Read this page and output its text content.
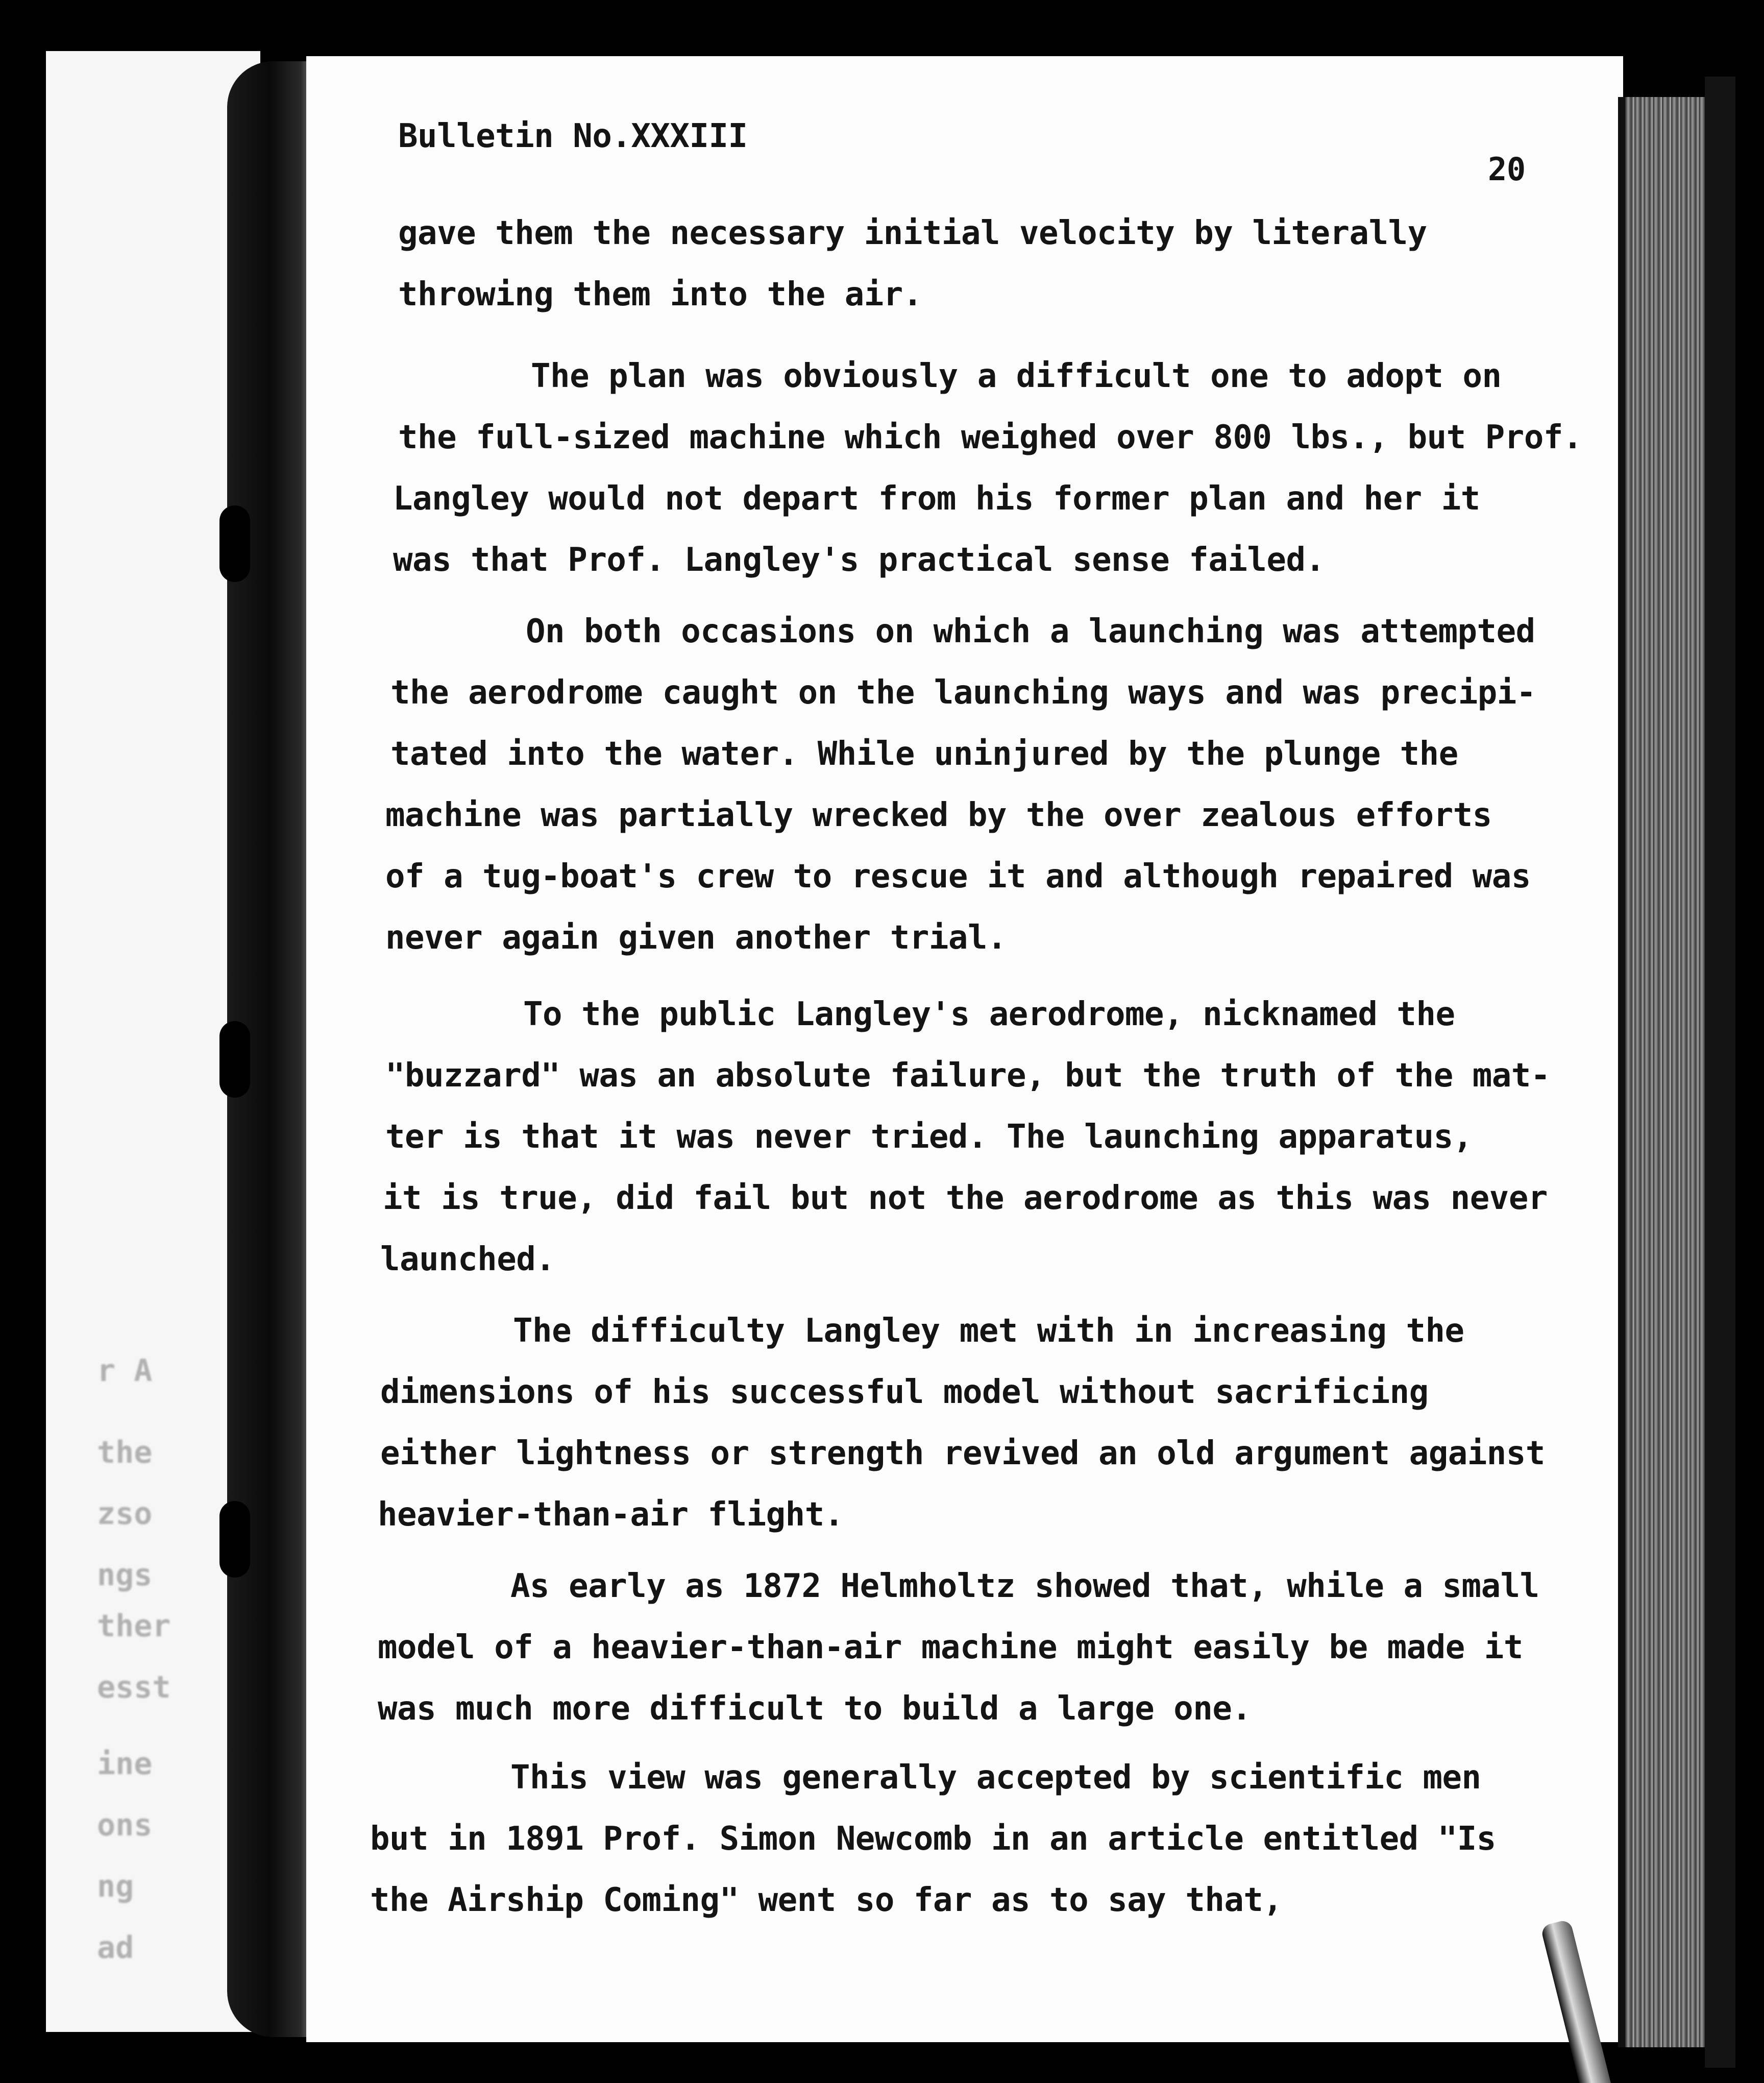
r A
the
zso
ngs
ther
esst
ine
ons
ng
ad
Bulletin No.XXXIII
20
gave them the necessary initial velocity by literally
throwing them into the air.
The plan was obviously a difficult one to adopt on
the full-sized machine which weighed over 800 lbs., but Prof.
Langley would not depart from his former plan and her it
was that Prof. Langley's practical sense failed.
On both occasions on which a launching was attempted
the aerodrome caught on the launching ways and was precipi-
tated into the water. While uninjured by the plunge the
machine was partially wrecked by the over zealous efforts
of a tug-boat's crew to rescue it and although repaired was
never again given another trial.
To the public Langley's aerodrome, nicknamed the
"buzzard" was an absolute failure, but the truth of the mat-
ter is that it was never tried. The launching apparatus,
it is true, did fail but not the aerodrome as this was never
launched.
The difficulty Langley met with in increasing the
dimensions of his successful model without sacrificing
either lightness or strength revived an old argument against
heavier-than-air flight.
As early as 1872 Helmholtz showed that, while a small
model of a heavier-than-air machine might easily be made it
was much more difficult to build a large one.
This view was generally accepted by scientific men
but in 1891 Prof. Simon Newcomb in an article entitled "Is
the Airship Coming" went so far as to say that,
